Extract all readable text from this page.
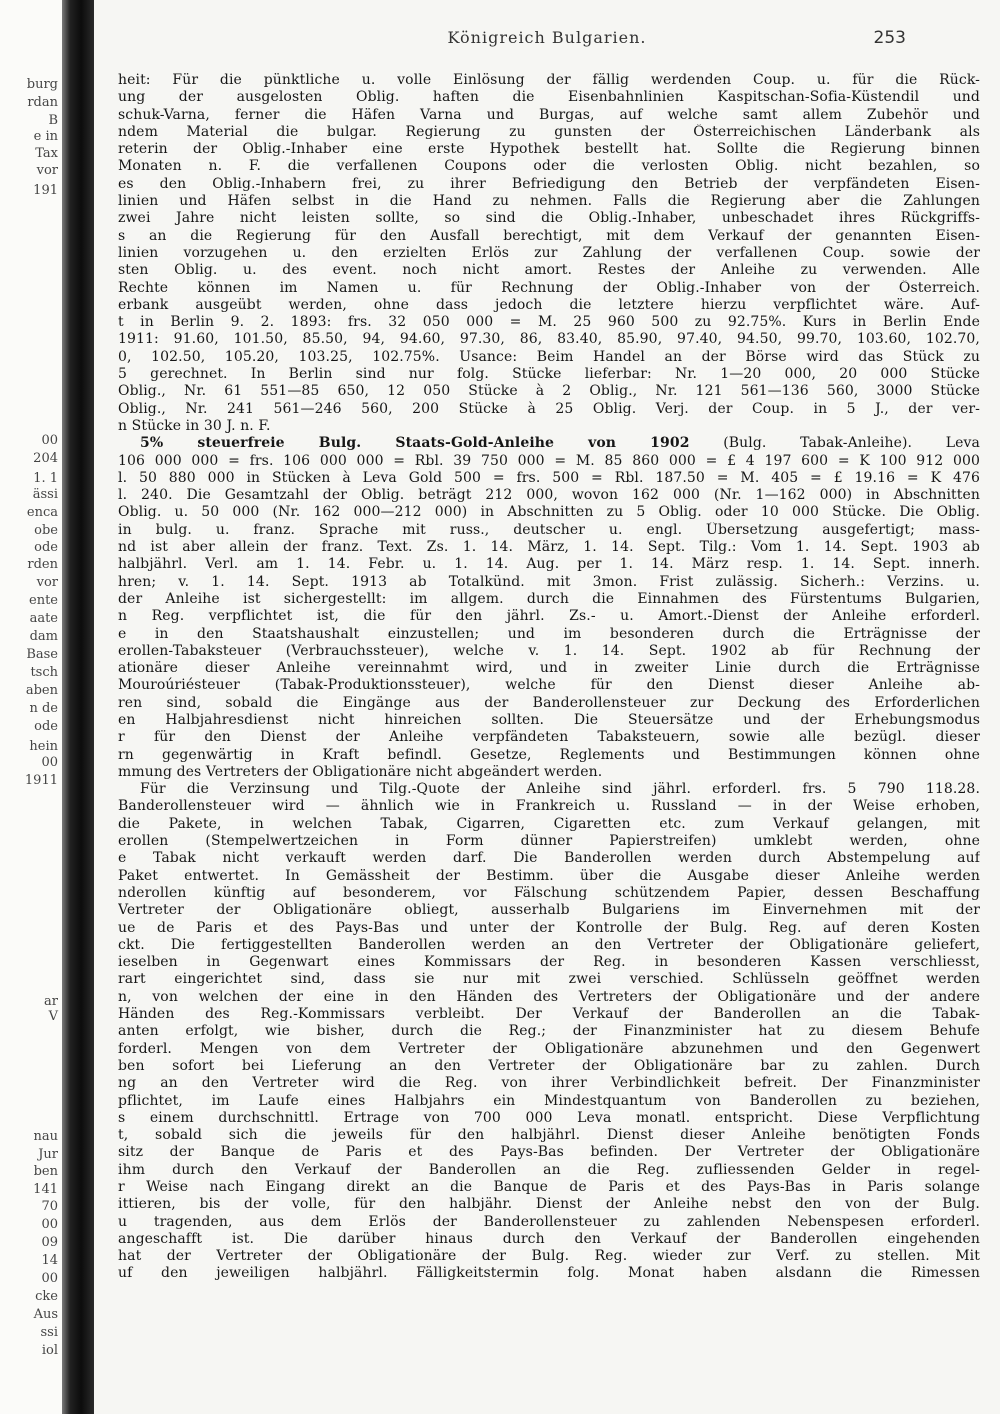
burg
rdan
B
e in
Tax
vor
191
00
204
1. 1
ässi
enca
obe
ode
rden
vor
ente
aate
dam
Base
tsch
aben
n de
ode
hein
00
1911
ar
V
nau
Jur
ben
141
70
00
09
14
00
cke
Aus
ssi
iol
Königreich Bulgarien.	253

heit: Für die pünktliche u. volle Einlösung der fällig werdenden Coup. u. für die Rück-

ung der ausgelosten Oblig. haften die Eisenbahnlinien Kaspitschan-Sofia-Küstendil und

schuk-Varna, ferner die Häfen Varna und Burgas, auf welche samt allem Zubehör und

ndem Material die bulgar. Regierung zu gunsten der Österreichischen Länderbank als

reterin der Oblig.-Inhaber eine erste Hypothek bestellt hat. Sollte die Regierung binnen

Monaten n. F. die verfallenen Coupons oder die verlosten Oblig. nicht bezahlen, so

es den Oblig.-Inhabern frei, zu ihrer Befriedigung den Betrieb der verpfändeten Eisen-

linien und Häfen selbst in die Hand zu nehmen. Falls die Regierung aber die Zahlungen

zwei Jahre nicht leisten sollte, so sind die Oblig.-Inhaber, unbeschadet ihres Rückgriffs-

s an die Regierung für den Ausfall berechtigt, mit dem Verkauf der genannten Eisen-

linien vorzugehen u. den erzielten Erlös zur Zahlung der verfallenen Coup. sowie der

sten Oblig. u. des event. noch nicht amort. Restes der Anleihe zu verwenden. Alle

Rechte können im Namen u. für Rechnung der Oblig.-Inhaber von der Österreich.

erbank ausgeübt werden, ohne dass jedoch die letztere hierzu verpflichtet wäre. Auf-

t in Berlin 9. 2. 1893: frs. 32 050 000 = M. 25 960 500 zu 92.75%. Kurs in Berlin Ende

1911: 91.60, 101.50, 85.50, 94, 94.60, 97.30, 86, 83.40, 85.90, 97.40, 94.50, 99.70, 103.60, 102.70,

0, 102.50, 105.20, 103.25, 102.75%. Usance: Beim Handel an der Börse wird das Stück zu

5 gerechnet. In Berlin sind nur folg. Stücke lieferbar: Nr. 1—20 000, 20 000 Stücke

Oblig., Nr. 61 551—85 650, 12 050 Stücke à 2 Oblig., Nr. 121 561—136 560, 3000 Stücke

Oblig., Nr. 241 561—246 560, 200 Stücke à 25 Oblig. Verj. der Coup. in 5 J., der ver-

n Stücke in 30 J. n. F.

5% steuerfreie Bulg. Staats-Gold-Anleihe von 1902 (Bulg. Tabak-Anleihe). Leva

106 000 000 = frs. 106 000 000 = Rbl. 39 750 000 = M. 85 860 000 = £ 4 197 600 = K 100 912 000

l. 50 880 000 in Stücken à Leva Gold 500 = frs. 500 = Rbl. 187.50 = M. 405 = £ 19.16 = K 476

l. 240. Die Gesamtzahl der Oblig. beträgt 212 000, wovon 162 000 (Nr. 1—162 000) in Abschnitten

Oblig. u. 50 000 (Nr. 162 000—212 000) in Abschnitten zu 5 Oblig. oder 10 000 Stücke. Die Oblig.

in bulg. u. franz. Sprache mit russ., deutscher u. engl. Übersetzung ausgefertigt; mass-

nd ist aber allein der franz. Text. Zs. 1. 14. März, 1. 14. Sept. Tilg.: Vom 1. 14. Sept. 1903 ab

halbjährl. Verl. am 1. 14. Febr. u. 1. 14. Aug. per 1. 14. März resp. 1. 14. Sept. innerh.

hren; v. 1. 14. Sept. 1913 ab Totalkünd. mit 3mon. Frist zulässig. Sicherh.: Verzins. u.

der Anleihe ist sichergestellt: im allgem. durch die Einnahmen des Fürstentums Bulgarien,

n Reg. verpflichtet ist, die für den jährl. Zs.- u. Amort.-Dienst der Anleihe erforderl.

e in den Staatshaushalt einzustellen; und im besonderen durch die Erträgnisse der

erollen-Tabaksteuer (Verbrauchssteuer), welche v. 1. 14. Sept. 1902 ab für Rechnung der

ationäre dieser Anleihe vereinnahmt wird, und in zweiter Linie durch die Erträgnisse

Mouroúriésteuer (Tabak-Produktionssteuer), welche für den Dienst dieser Anleihe ab-

ren sind, sobald die Eingänge aus der Banderollensteuer zur Deckung des Erforderlichen

en Halbjahresdienst nicht hinreichen sollten. Die Steuersätze und der Erhebungsmodus

r für den Dienst der Anleihe verpfändeten Tabaksteuern, sowie alle bezügl. dieser

rn gegenwärtig in Kraft befindl. Gesetze, Reglements und Bestimmungen können ohne

mmung des Vertreters der Obligationäre nicht abgeändert werden.

Für die Verzinsung und Tilg.-Quote der Anleihe sind jährl. erforderl. frs. 5 790 118.28.

Banderollensteuer wird — ähnlich wie in Frankreich u. Russland — in der Weise erhoben,

die Pakete, in welchen Tabak, Cigarren, Cigaretten etc. zum Verkauf gelangen, mit

erollen (Stempelwertzeichen in Form dünner Papierstreifen) umklebt werden, ohne

e Tabak nicht verkauft werden darf. Die Banderollen werden durch Abstempelung auf

Paket entwertet. In Gemässheit der Bestimm. über die Ausgabe dieser Anleihe werden

nderollen künftig auf besonderem, vor Fälschung schützendem Papier, dessen Beschaffung

Vertreter der Obligationäre obliegt, ausserhalb Bulgariens im Einvernehmen mit der

ue de Paris et des Pays-Bas und unter der Kontrolle der Bulg. Reg. auf deren Kosten

ckt. Die fertiggestellten Banderollen werden an den Vertreter der Obligationäre geliefert,

ieselben in Gegenwart eines Kommissars der Reg. in besonderen Kassen verschliesst,

rart eingerichtet sind, dass sie nur mit zwei verschied. Schlüsseln geöffnet werden

n, von welchen der eine in den Händen des Vertreters der Obligationäre und der andere

Händen des Reg.-Kommissars verbleibt. Der Verkauf der Banderollen an die Tabak-

anten erfolgt, wie bisher, durch die Reg.; der Finanzminister hat zu diesem Behufe

forderl. Mengen von dem Vertreter der Obligationäre abzunehmen und den Gegenwert

ben sofort bei Lieferung an den Vertreter der Obligationäre bar zu zahlen. Durch

ng an den Vertreter wird die Reg. von ihrer Verbindlichkeit befreit. Der Finanzminister

pflichtet, im Laufe eines Halbjahrs ein Mindestquantum von Banderollen zu beziehen,

s einem durchschnittl. Ertrage von 700 000 Leva monatl. entspricht. Diese Verpflichtung

t, sobald sich die jeweils für den halbjährl. Dienst dieser Anleihe benötigten Fonds

sitz der Banque de Paris et des Pays-Bas befinden. Der Vertreter der Obligationäre

ihm durch den Verkauf der Banderollen an die Reg. zufliessenden Gelder in regel-

r Weise nach Eingang direkt an die Banque de Paris et des Pays-Bas in Paris solange

ittieren, bis der volle, für den halbjähr. Dienst der Anleihe nebst den von der Bulg.

u tragenden, aus dem Erlös der Banderollensteuer zu zahlenden Nebenspesen erforderl.

angeschafft ist. Die darüber hinaus durch den Verkauf der Banderollen eingehenden

hat der Vertreter der Obligationäre der Bulg. Reg. wieder zur Verf. zu stellen. Mit

uf den jeweiligen halbjährl. Fälligkeitstermin folg. Monat haben alsdann die Rimessen
